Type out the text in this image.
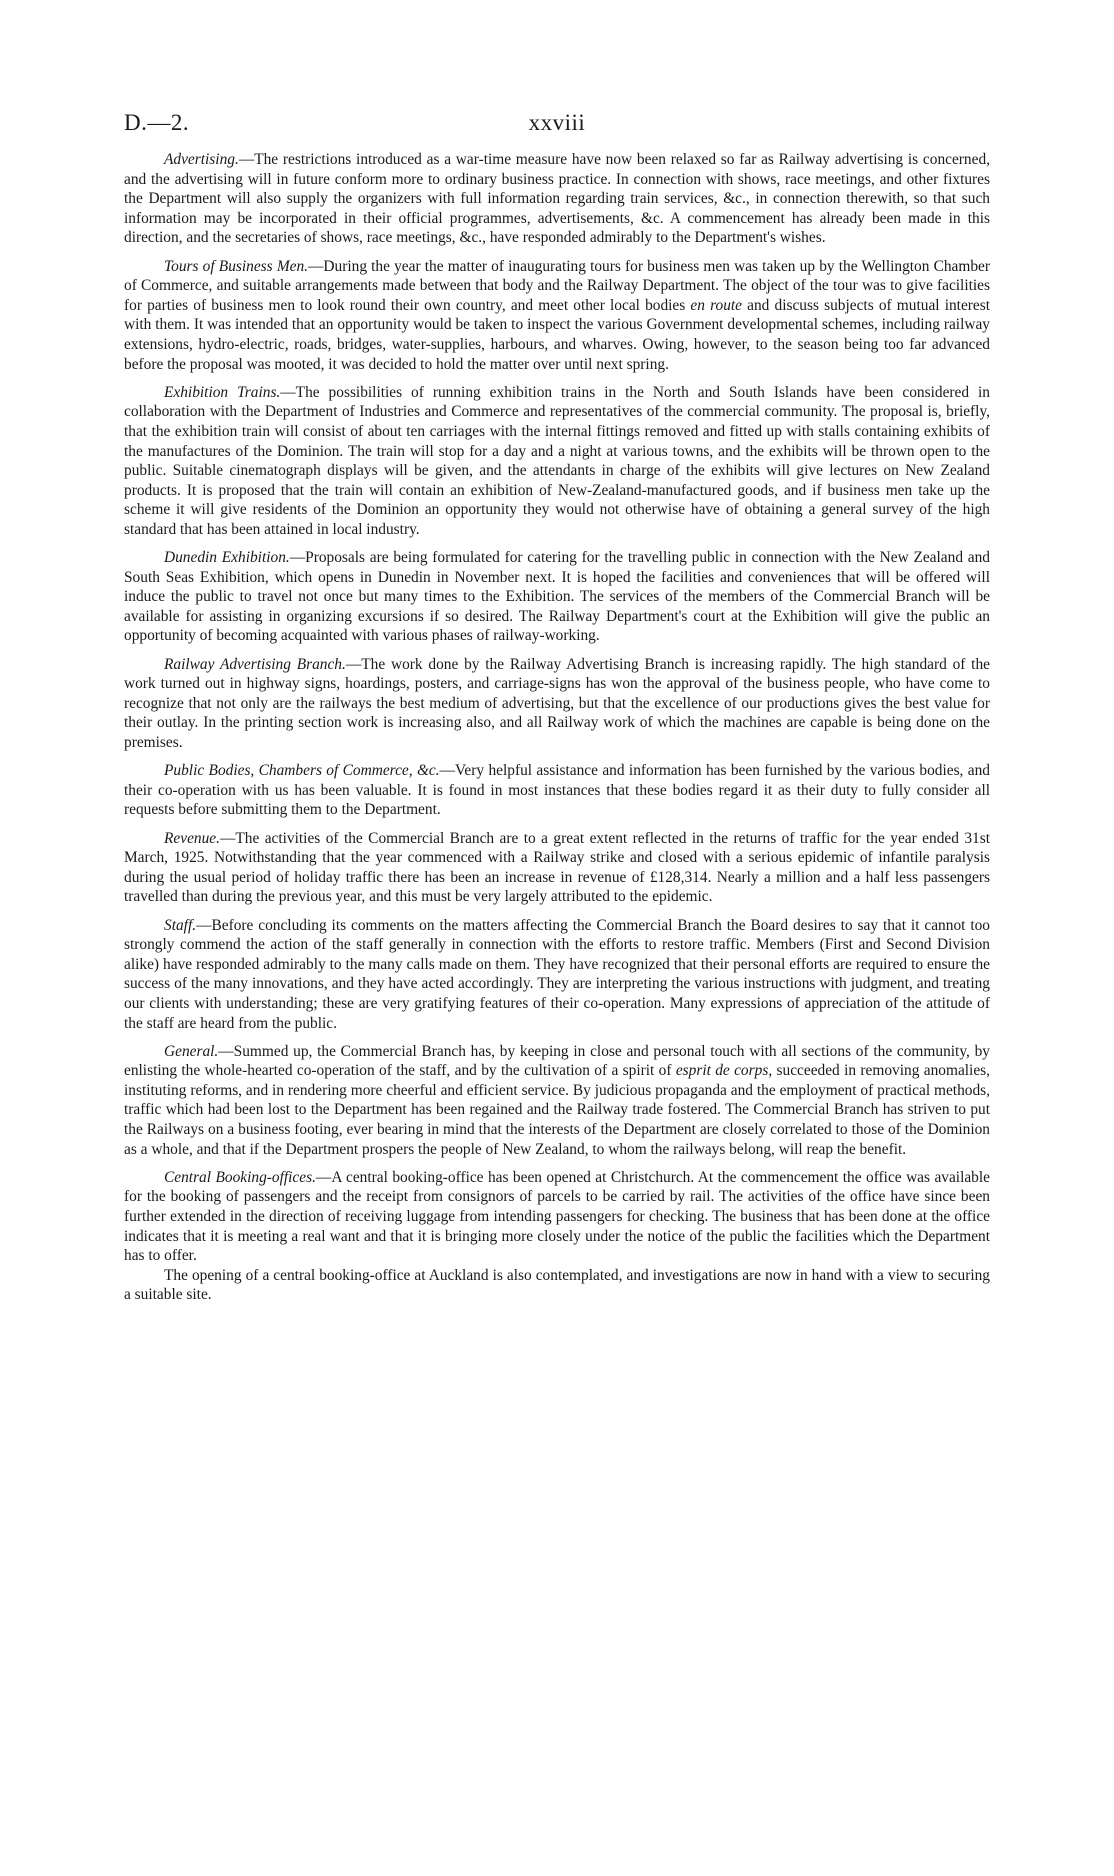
D.—2.	xxviii

Advertising.—The restrictions introduced as a war-time measure have now been relaxed so far as Railway advertising is concerned, and the advertising will in future conform more to ordinary business practice. In connection with shows, race meetings, and other fixtures the Department will also supply the organizers with full information regarding train services, &c., in connection therewith, so that such information may be incorporated in their official programmes, advertisements, &c. A commencement has already been made in this direction, and the secretaries of shows, race meetings, &c., have responded admirably to the Department's wishes.

Tours of Business Men.—During the year the matter of inaugurating tours for business men was taken up by the Wellington Chamber of Commerce, and suitable arrangements made between that body and the Railway Department. The object of the tour was to give facilities for parties of business men to look round their own country, and meet other local bodies en route and discuss subjects of mutual interest with them. It was intended that an opportunity would be taken to inspect the various Government developmental schemes, including railway extensions, hydro-electric, roads, bridges, water-supplies, harbours, and wharves. Owing, however, to the season being too far advanced before the proposal was mooted, it was decided to hold the matter over until next spring.

Exhibition Trains.—The possibilities of running exhibition trains in the North and South Islands have been considered in collaboration with the Department of Industries and Commerce and representatives of the commercial community. The proposal is, briefly, that the exhibition train will consist of about ten carriages with the internal fittings removed and fitted up with stalls containing exhibits of the manufactures of the Dominion. The train will stop for a day and a night at various towns, and the exhibits will be thrown open to the public. Suitable cinematograph displays will be given, and the attendants in charge of the exhibits will give lectures on New Zealand products. It is proposed that the train will contain an exhibition of New-Zealand-manufactured goods, and if business men take up the scheme it will give residents of the Dominion an opportunity they would not otherwise have of obtaining a general survey of the high standard that has been attained in local industry.

Dunedin Exhibition.—Proposals are being formulated for catering for the travelling public in connection with the New Zealand and South Seas Exhibition, which opens in Dunedin in November next. It is hoped the facilities and conveniences that will be offered will induce the public to travel not once but many times to the Exhibition. The services of the members of the Commercial Branch will be available for assisting in organizing excursions if so desired. The Railway Department's court at the Exhibition will give the public an opportunity of becoming acquainted with various phases of railway-working.

Railway Advertising Branch.—The work done by the Railway Advertising Branch is increasing rapidly. The high standard of the work turned out in highway signs, hoardings, posters, and carriage-signs has won the approval of the business people, who have come to recognize that not only are the railways the best medium of advertising, but that the excellence of our productions gives the best value for their outlay. In the printing section work is increasing also, and all Railway work of which the machines are capable is being done on the premises.

Public Bodies, Chambers of Commerce, &c.—Very helpful assistance and information has been furnished by the various bodies, and their co-operation with us has been valuable. It is found in most instances that these bodies regard it as their duty to fully consider all requests before submitting them to the Department.

Revenue.—The activities of the Commercial Branch are to a great extent reflected in the returns of traffic for the year ended 31st March, 1925. Notwithstanding that the year commenced with a Railway strike and closed with a serious epidemic of infantile paralysis during the usual period of holiday traffic there has been an increase in revenue of £128,314. Nearly a million and a half less passengers travelled than during the previous year, and this must be very largely attributed to the epidemic.

Staff.—Before concluding its comments on the matters affecting the Commercial Branch the Board desires to say that it cannot too strongly commend the action of the staff generally in connection with the efforts to restore traffic. Members (First and Second Division alike) have responded admirably to the many calls made on them. They have recognized that their personal efforts are required to ensure the success of the many innovations, and they have acted accordingly. They are interpreting the various instructions with judgment, and treating our clients with understanding; these are very gratifying features of their co-operation. Many expressions of appreciation of the attitude of the staff are heard from the public.

General.—Summed up, the Commercial Branch has, by keeping in close and personal touch with all sections of the community, by enlisting the whole-hearted co-operation of the staff, and by the cultivation of a spirit of esprit de corps, succeeded in removing anomalies, instituting reforms, and in rendering more cheerful and efficient service. By judicious propaganda and the employment of practical methods, traffic which had been lost to the Department has been regained and the Railway trade fostered. The Commercial Branch has striven to put the Railways on a business footing, ever bearing in mind that the interests of the Department are closely correlated to those of the Dominion as a whole, and that if the Department prospers the people of New Zealand, to whom the railways belong, will reap the benefit.

Central Booking-offices.—A central booking-office has been opened at Christchurch. At the commencement the office was available for the booking of passengers and the receipt from consignors of parcels to be carried by rail. The activities of the office have since been further extended in the direction of receiving luggage from intending passengers for checking. The business that has been done at the office indicates that it is meeting a real want and that it is bringing more closely under the notice of the public the facilities which the Department has to offer.

The opening of a central booking-office at Auckland is also contemplated, and investigations are now in hand with a view to securing a suitable site.
